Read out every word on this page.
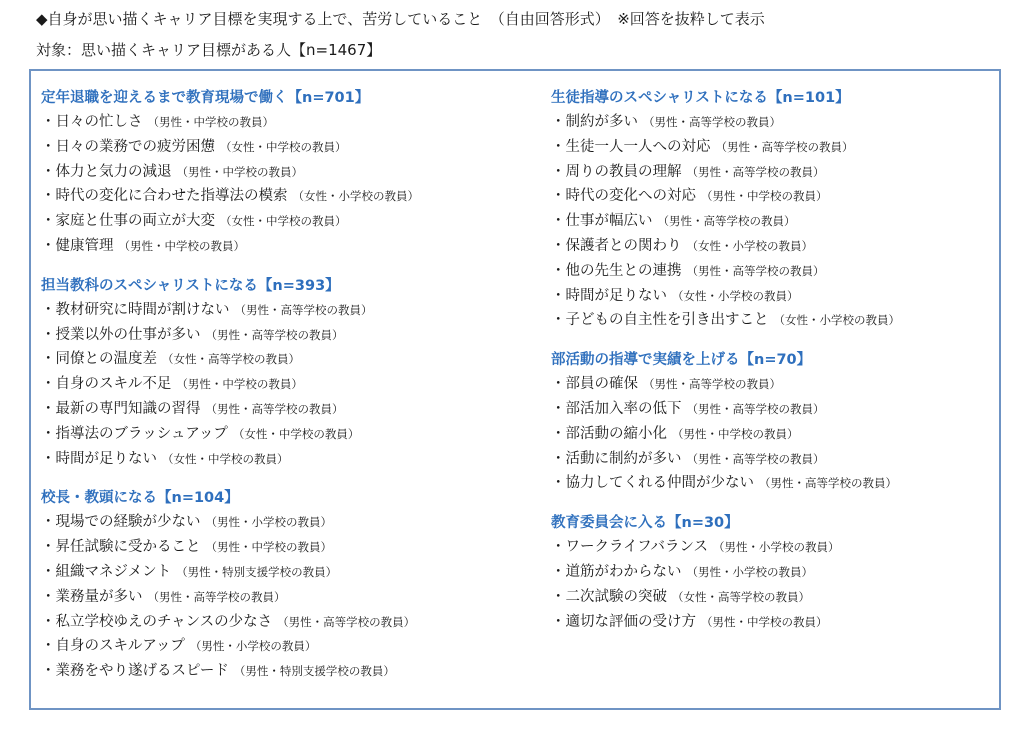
◆自身が思い描くキャリア目標を実現する上で、苦労していること　（自由回答形式）　※回答を抜粋して表示
対象：思い描くキャリア目標がある人【n=1467】
定年退職を迎えるまで教育現場で働く【n=701】
・日々の忙しさ （男性・中学校の教員）
・日々の業務での疲労困憊 （女性・中学校の教員）
・体力と気力の減退 （男性・中学校の教員）
・時代の変化に合わせた指導法の模索 （女性・小学校の教員）
・家庭と仕事の両立が大変 （女性・中学校の教員）
・健康管理 （男性・中学校の教員）
担当教科のスペシャリストになる【n=393】
・教材研究に時間が割けない （男性・高等学校の教員）
・授業以外の仕事が多い （男性・高等学校の教員）
・同僚との温度差 （女性・高等学校の教員）
・自身のスキル不足 （男性・中学校の教員）
・最新の専門知識の習得 （男性・高等学校の教員）
・指導法のブラッシュアップ （女性・中学校の教員）
・時間が足りない （女性・中学校の教員）
校長・教頭になる【n=104】
・現場での経験が少ない （男性・小学校の教員）
・昇任試験に受かること （男性・中学校の教員）
・組織マネジメント （男性・特別支援学校の教員）
・業務量が多い （男性・高等学校の教員）
・私立学校ゆえのチャンスの少なさ （男性・高等学校の教員）
・自身のスキルアップ （男性・小学校の教員）
・業務をやり遂げるスピード （男性・特別支援学校の教員）
生徒指導のスペシャリストになる【n=101】
・制約が多い （男性・高等学校の教員）
・生徒一人一人への対応 （男性・高等学校の教員）
・周りの教員の理解 （男性・高等学校の教員）
・時代の変化への対応 （男性・中学校の教員）
・仕事が幅広い （男性・高等学校の教員）
・保護者との関わり （女性・小学校の教員）
・他の先生との連携 （男性・高等学校の教員）
・時間が足りない （女性・小学校の教員）
・子どもの自主性を引き出すこと （女性・小学校の教員）
部活動の指導で実績を上げる【n=70】
・部員の確保 （男性・高等学校の教員）
・部活加入率の低下 （男性・高等学校の教員）
・部活動の縮小化 （男性・中学校の教員）
・活動に制約が多い （男性・高等学校の教員）
・協力してくれる仲間が少ない （男性・高等学校の教員）
教育委員会に入る【n=30】
・ワークライフバランス （男性・小学校の教員）
・道筋がわからない （男性・小学校の教員）
・二次試験の突破 （女性・高等学校の教員）
・適切な評価の受け方 （男性・中学校の教員）
